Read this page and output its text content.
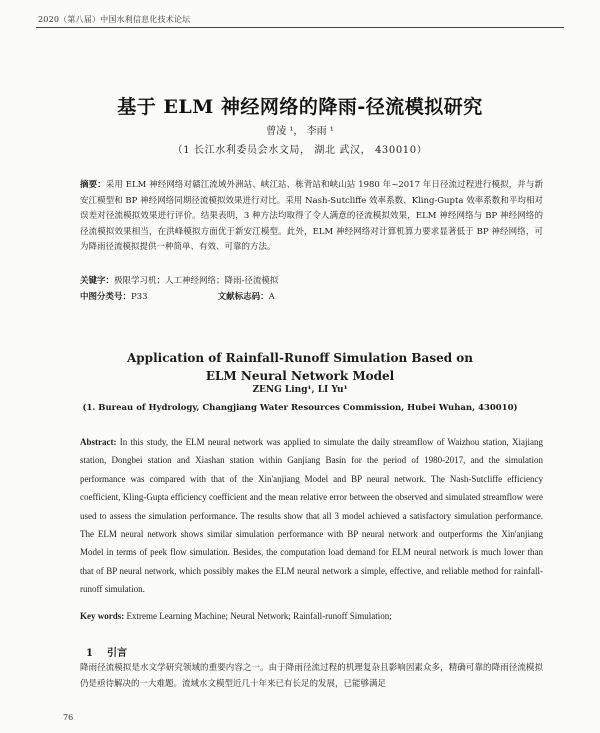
2020（第八届）中国水利信息化技术论坛
基于 ELM 神经网络的降雨-径流模拟研究
曾凌 ¹， 李雨 ¹
（1 长江水利委员会水文局， 湖北 武汉， 430010）
摘要：采用 ELM 神经网络对赣江流域外洲站、峡江站、栋背站和峡山站 1980 年~2017 年日径流过程进行模拟，并与新安江模型和 BP 神经网络同期径流模拟效果进行对比。采用 Nash-Sutcliffe 效率系数、Kling-Gupta 效率系数和平均相对误差对径流模拟效果进行评价。结果表明，3 种方法均取得了令人满意的径流模拟效果，ELM 神经网络与 BP 神经网络的径流模拟效果相当，在洪峰模拟方面优于新安江模型。此外，ELM 神经网络对计算机算力要求显著低于 BP 神经网络，可为降雨径流模拟提供一种简单、有效、可靠的方法。
关键字：极限学习机；人工神经网络；降雨-径流模拟
中图分类号：P33	文献标志码：A
Application of Rainfall-Runoff Simulation Based on
ELM Neural Network Model
ZENG Ling¹, LI Yu¹
(1. Bureau of Hydrology, Changjiang Water Resources Commission, Hubei Wuhan, 430010)
Abstract: In this study, the ELM neural network was applied to simulate the daily streamflow of Waizhou station, Xiajiang station, Dongbei station and Xiashan station within Ganjiang Basin for the period of 1980-2017, and the simulation performance was compared with that of the Xin'anjiang Model and BP neural network. The Nash-Sutcliffe efficiency coefficient, Kling-Gupta efficiency coefficient and the mean relative error between the observed and simulated streamflow were used to assess the simulation performance. The results show that all 3 model achieved a satisfactory simulation performance. The ELM neural network shows similar simulation performance with BP neural network and outperforms the Xin'anjiang Model in terms of peek flow simulation. Besides, the computation load demand for ELM neural network is much lower than that of BP neural network, which possibly makes the ELM neural network a simple, effective, and reliable method for rainfall-runoff simulation.
Key words: Extreme Learning Machine; Neural Network; Rainfall-runoff Simulation;
1 引言
降雨径流模拟是水文学研究领域的重要内容之一。由于降雨径流过程的机理复杂且影响因素众多，精确可靠的降雨径流模拟仍是亟待解决的一大难题。流域水文模型近几十年来已有长足的发展，已能够满足
76
